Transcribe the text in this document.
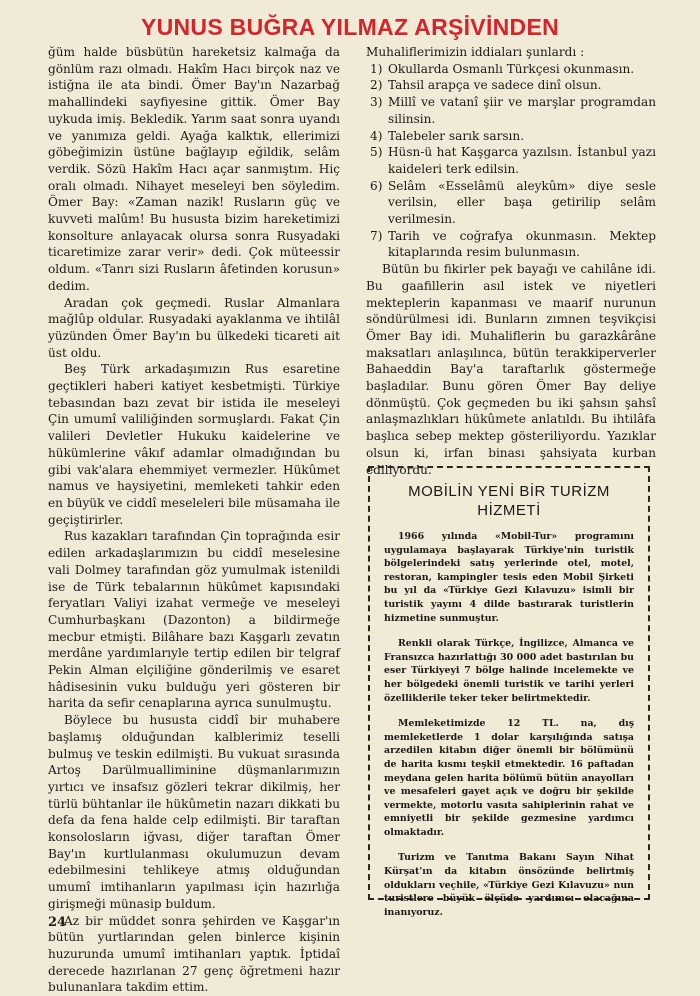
YUNUS BUĞRA YILMAZ ARŞİVİNDEN

ğüm halde büsbütün hareketsiz kalmağa da gönlüm razı olmadı. Hakîm Hacı birçok naz ve istiğna ile ata bindi. Ömer Bay'ın Nazarbağ mahallindeki sayfiyesine gittik. Ömer Bay uykuda imiş. Bekledik. Yarım saat sonra uyandı ve yanımıza geldi. Ayağa kalktık, ellerimizi göbeğimizin üstüne bağlayıp eğildik, selâm verdik. Sözü Hakîm Hacı açar sanmıştım. Hiç oralı olmadı. Nihayet meseleyi ben söyledim. Ömer Bay: «Zaman nazik! Rusların güç ve kuvveti malûm! Bu hususta bizim hareketimizi konsolture anlayacak olursa sonra Rusyadaki ticaretimize zarar verir» dedi. Çok müteessir oldum. «Tanrı sizi Rusların âfetinden korusun» dedim.

Aradan çok geçmedi. Ruslar Almanlara mağlûp oldular. Rusyadaki ayaklanma ve ihtilâl yüzünden Ömer Bay'ın bu ülkedeki ticareti ait üst oldu.

Beş Türk arkadaşımızın Rus esaretine geçtikleri haberi katiyet kesbetmişti. Türkiye tebasından bazı zevat bir istida ile meseleyi Çin umumî valiliğinden sormuşlardı. Fakat Çin valileri Devletler Hukuku kaidelerine ve hükümlerine vâkıf adamlar olmadığından bu gibi vak'alara ehemmiyet vermezler. Hükûmet namus ve haysiyetini, memleketi tahkir eden en büyük ve ciddî meseleleri bile müsamaha ile geçiştirirler.

Rus kazakları tarafından Çin toprağında esir edilen arkadaşlarımızın bu ciddî meselesine vali Dolmey tarafından göz yumulmak istenildi ise de Türk tebalarının hükûmet kapısındaki feryatları Valiyi izahat vermeğe ve meseleyi Cumhurbaşkanı (Dazonton) a bildirmeğe mecbur etmişti. Bilâhare bazı Kaşgarlı zevatın merdâne yardımlarıyle tertip edilen bir telgraf Pekin Alman elçiliğine gönderilmiş ve esaret hâdisesinin vuku bulduğu yeri gösteren bir harita da sefir cenaplarına ayrıca sunulmuştu.

Böylece bu hususta ciddî bir muhabere başlamış olduğundan kalblerimiz teselli bulmuş ve teskin edilmişti. Bu vukuat sırasında Artoş Darülmualliminine düşmanlarımızın yırtıcı ve insafsız gözleri tekrar dikilmiş, her türlü bühtanlar ile hükûmetin nazarı dikkati bu defa da fena halde celp edilmişti. Bir taraftan konsolosların iğvası, diğer taraftan Ömer Bay'ın kurtlulanması okulumuzun devam edebilmesini tehlikeye atmış olduğundan umumî imtihanların yapılması için hazırlığa girişmeği münasip buldum.

Az bir müddet sonra şehirden ve Kaşgar'ın bütün yurtlarından gelen binlerce kişinin huzurunda umumî imtihanları yaptık. İptidaî derecede hazırlanan 27 genç öğretmeni hazır bulunanlara takdim ettim.

Muhaliflerimizin iddiaları şunlardı :

1) Okullarda Osmanlı Türkçesi okunmasın.
2) Tahsil arapça ve sadece dinî olsun.
3) Millî ve vatanî şiir ve marşlar programdan silinsin.
4) Talebeler sarık sarsın.
5) Hüsn-ü hat Kaşgarca yazılsın. İstanbul yazı kaideleri terk edilsin.
6) Selâm «Esselâmü aleykûm» diye sesle verilsin, eller başa getirilip selâm verilmesin.
7) Tarih ve coğrafya okunmasın. Mektep kitaplarında resim bulunmasın.

Bütün bu fikirler pek bayağı ve cahilâne idi. Bu gaafillerin asıl istek ve niyetleri mekteplerin kapanması ve maarif nurunun söndürülmesi idi. Bunların zımnen teşvikçisi Ömer Bay idi. Muhaliflerin bu garazkârâne maksatları anlaşılınca, bütün terakkiperverler Bahaeddin Bay'a taraftarlık göstermeğe başladılar. Bunu gören Ömer Bay deliye dönmüştü. Çok geçmeden bu iki şahsın şahsî anlaşmazlıkları hükûmete anlatıldı. Bu ihtilâfa başlıca sebep mektep gösteriliyordu. Yazıklar olsun ki, irfan binası şahsiyata kurban ediliyordu.

MOBİLİN YENİ BİR TURİZM
HİZMETİ

1966 yılında «Mobil-Tur» programını uygulamaya başlayarak Türkiye'nin turistik bölgelerindeki satış yerlerinde otel, motel, restoran, kampingler tesis eden Mobil Şirketi bu yıl da «Türkiye Gezi Kılavuzu» isimli bir turistik yayını 4 dilde bastırarak turistlerin hizmetine sunmuştur.

Renkli olarak Türkçe, İngilizce, Almanca ve Fransızca hazırlattığı 30 000 adet bastırılan bu eser Türkiyeyi 7 bölge halinde incelemekte ve her bölgedeki önemli turistik ve tarihi yerleri özelliklerile teker teker belirtmektedir.

Memleketimizde 12 TL. na, dış memleketlerde 1 dolar karşılığında satışa arzedilen kitabın diğer önemli bir bölümünü de harita kısmı teşkil etmektedir. 16 paftadan meydana gelen harita bölümü bütün anayolları ve mesafeleri gayet açık ve doğru bir şekilde vermekte, motorlu vasıta sahiplerinin rahat ve emniyetli bir şekilde gezmesine yardımcı olmaktadır.

Turizm ve Tanıtma Bakanı Sayın Nihat Kürşat'ın da kitabın önsözünde belirtmiş olduklarıı veçhile, «Türkiye Gezi Kılavuzu» nun turistlere büyük ölçüde yardımcı olacağına inanıyoruz.

24
